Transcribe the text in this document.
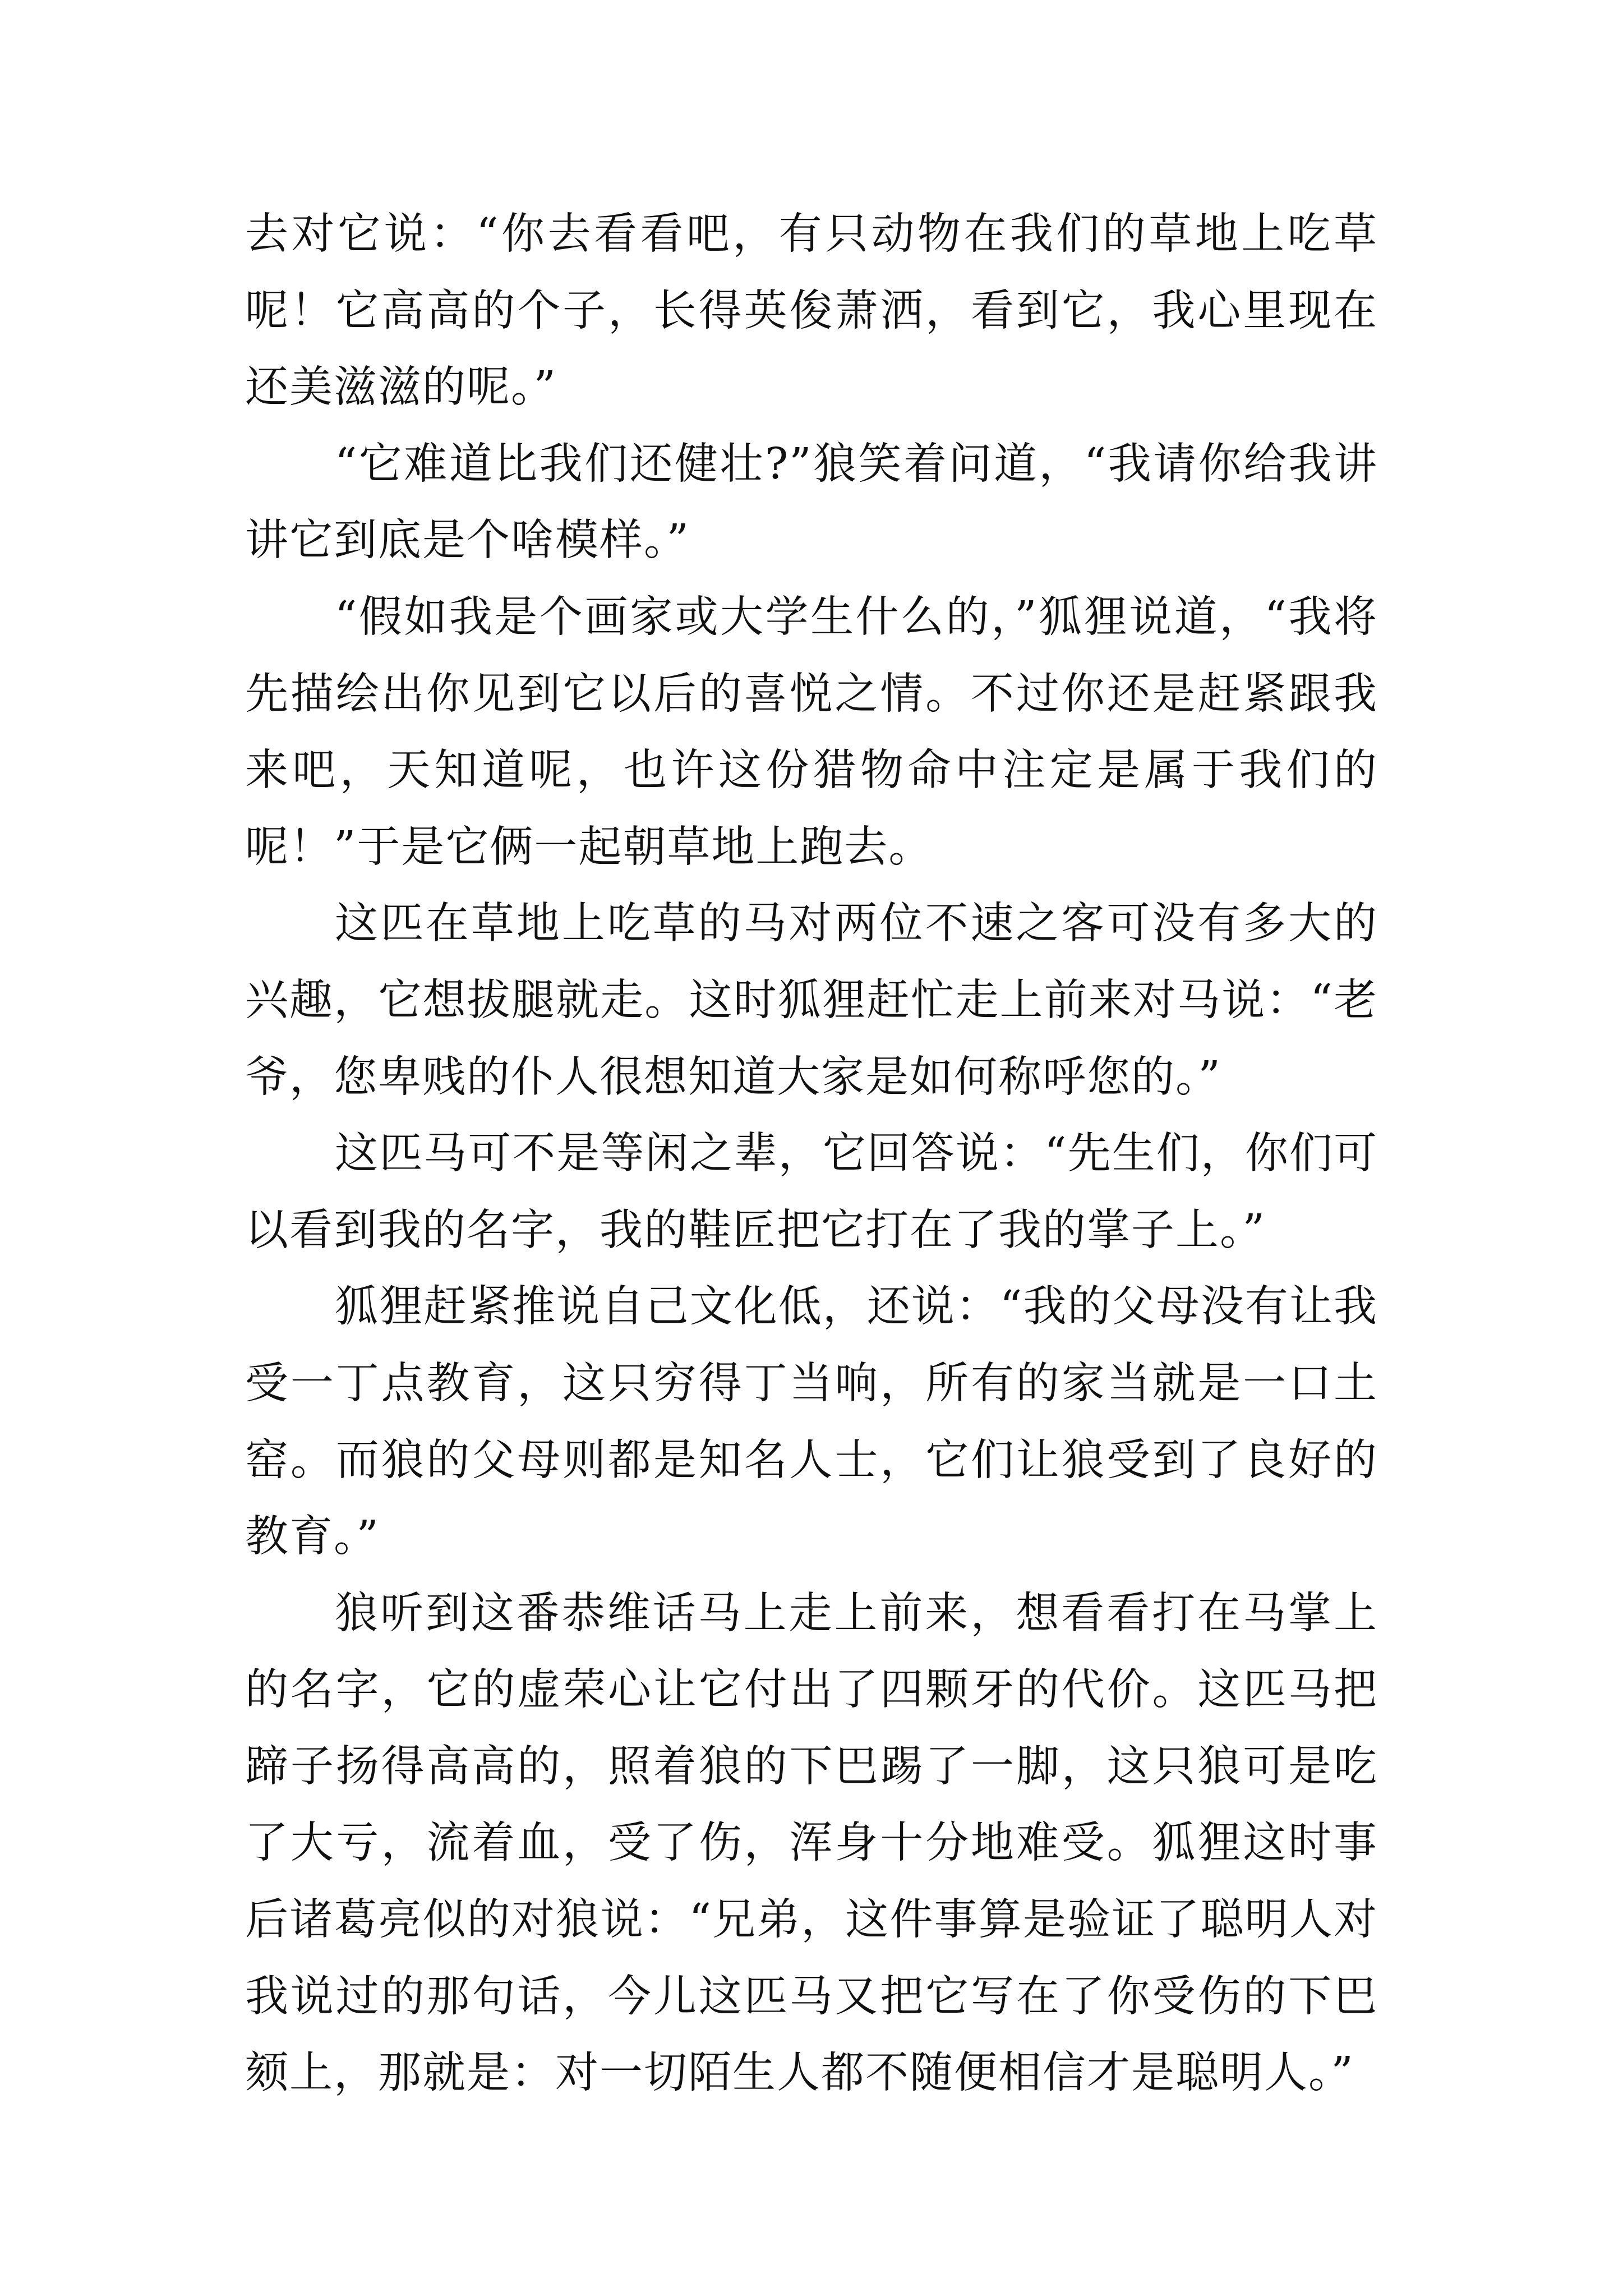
去对它说：“你去看看吧，有只动物在我们的草地上吃草呢！它高高的个子，长得英俊萧洒，看到它，我心里现在还美滋滋的呢。”

“它难道比我们还健壮?”狼笑着问道，“我请你给我讲讲它到底是个啥模样。”

“假如我是个画家或大学生什么的，”狐狸说道，“我将先描绘出你见到它以后的喜悦之情。不过你还是赶紧跟我来吧，天知道呢，也许这份猎物命中注定是属于我们的呢！”于是它俩一起朝草地上跑去。

这匹在草地上吃草的马对两位不速之客可没有多大的兴趣，它想拔腿就走。这时狐狸赶忙走上前来对马说：“老爷，您卑贱的仆人很想知道大家是如何称呼您的。”

这匹马可不是等闲之辈，它回答说：“先生们，你们可以看到我的名字，我的鞋匠把它打在了我的掌子上。”

狐狸赶紧推说自己文化低，还说：“我的父母没有让我受一丁点教育，这只穷得丁当响，所有的家当就是一口土窑。而狼的父母则都是知名人士，它们让狼受到了良好的教育。”

狼听到这番恭维话马上走上前来，想看看打在马掌上的名字，它的虚荣心让它付出了四颗牙的代价。这匹马把蹄子扬得高高的，照着狼的下巴踢了一脚，这只狼可是吃了大亏，流着血，受了伤，浑身十分地难受。狐狸这时事后诸葛亮似的对狼说：“兄弟，这件事算是验证了聪明人对我说过的那句话，今儿这匹马又把它写在了你受伤的下巴颏上，那就是：对一切陌生人都不随便相信才是聪明人。”
